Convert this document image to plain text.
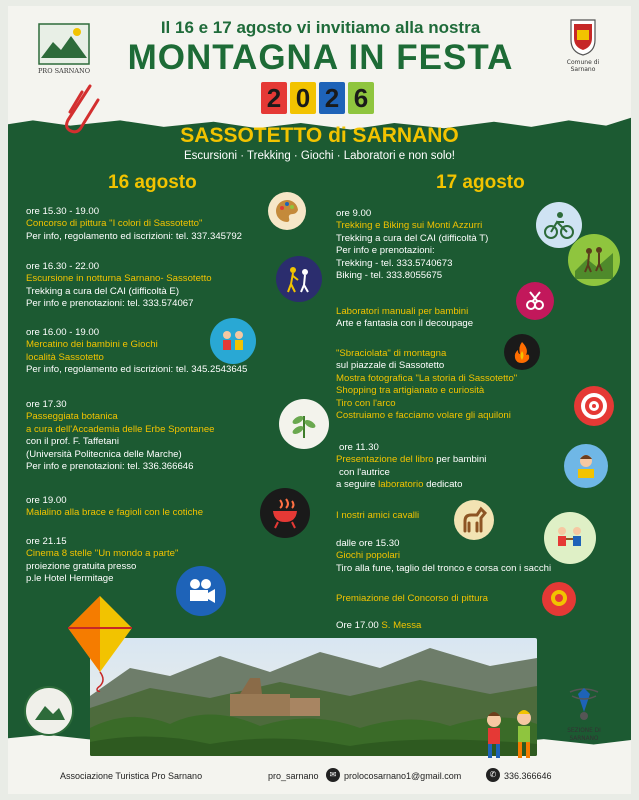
PRO SARNANO
Comune di
Sarnano
Il 16 e 17 agosto vi invitiamo alla nostra
MONTAGNA IN FESTA
2 0 2 6
SASSOTETTO di SARNANO
Escursioni · Trekking · Giochi · Laboratori e non solo!
16 agosto	17 agosto
ore 15.30 - 19.00
Concorso di pittura "I colori di Sassotetto"
Per info, regolamento ed iscrizioni: tel. 337.345792
ore 16.30 - 22.00
Escursione in notturna Sarnano- Sassotetto
Trekking a cura del CAI (difficoltà E)
Per info e prenotazioni: tel. 333.574067
ore 16.00 - 19.00
Mercatino dei bambini e Giochi
località Sassotetto
Per info, regolamento ed iscrizioni: tel. 345.2543645
ore 17.30
Passeggiata botanica
a cura dell'Accademia delle Erbe Spontanee
con il prof. F. Taffetani
(Università Politecnica delle Marche)
Per info e prenotazioni: tel. 336.366646
ore 19.00
Maialino alla brace e fagioli con le cotiche
ore 21.15
Cinema 8 stelle "Un mondo a parte"
proiezione gratuita presso
p.le Hotel Hermitage
ore 9.00
Trekking e Biking sui Monti Azzurri
Trekking a cura del CAI (difficoltà T)
Per info e prenotazioni:
Trekking - tel. 333.5740673
Biking - tel. 333.8055675
Laboratori manuali per bambini
Arte e fantasia con il decoupage
"Sbraciolata" di montagna
sul piazzale di Sassotetto
Mostra fotografica "La storia di Sassotetto"
Shopping tra artigianato e curiosità
Tiro con l'arco
Costruiamo e facciamo volare gli aquiloni
ore 11.30
Presentazione del libro per bambini
con l'autrice
a seguire laboratorio dedicato
I nostri amici cavalli
dalle ore 15.30
Giochi popolari
Tiro alla fune, taglio del tronco e corsa con i sacchi
Premiazione del Concorso di pittura
Ore 17.00 S. Messa
SEZIONE DI
SARNANO
Associazione Turistica Pro Sarnano	pro_sarnano	✉ prolocosarnano1@gmail.com	✆ 336.366646
